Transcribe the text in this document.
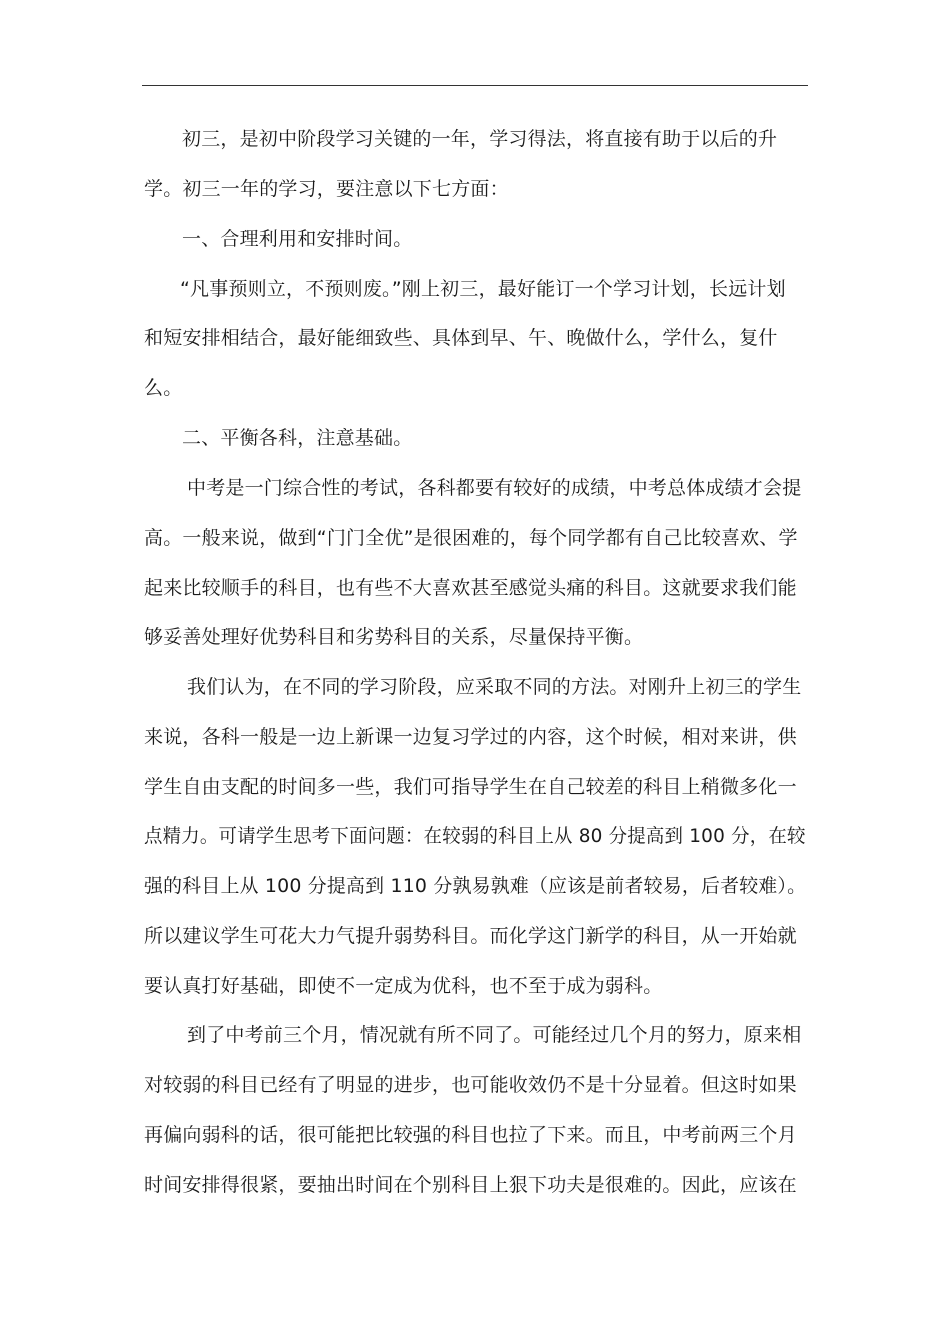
初三，是初中阶段学习关键的一年，学习得法，将直接有助于以后的升
学。初三一年的学习，要注意以下七方面：
一、合理利用和安排时间。
“凡事预则立，不预则废。”刚上初三，最好能订一个学习计划，长远计划
和短安排相结合，最好能细致些、具体到早、午、晚做什么，学什么，复什
么。
二、平衡各科，注意基础。
中考是一门综合性的考试，各科都要有较好的成绩，中考总体成绩才会提
高。一般来说，做到“门门全优”是很困难的，每个同学都有自己比较喜欢、学
起来比较顺手的科目，也有些不大喜欢甚至感觉头痛的科目。这就要求我们能
够妥善处理好优势科目和劣势科目的关系，尽量保持平衡。
我们认为，在不同的学习阶段，应采取不同的方法。对刚升上初三的学生
来说，各科一般是一边上新课一边复习学过的内容，这个时候，相对来讲，供
学生自由支配的时间多一些，我们可指导学生在自己较差的科目上稍微多化一
点精力。可请学生思考下面问题：在较弱的科目上从 80 分提高到 100 分，在较
强的科目上从 100 分提高到 110 分孰易孰难（应该是前者较易，后者较难）。
所以建议学生可花大力气提升弱势科目。而化学这门新学的科目，从一开始就
要认真打好基础，即使不一定成为优科，也不至于成为弱科。
到了中考前三个月，情况就有所不同了。可能经过几个月的努力，原来相
对较弱的科目已经有了明显的进步，也可能收效仍不是十分显着。但这时如果
再偏向弱科的话，很可能把比较强的科目也拉了下来。而且，中考前两三个月
时间安排得很紧，要抽出时间在个别科目上狠下功夫是很难的。因此，应该在
